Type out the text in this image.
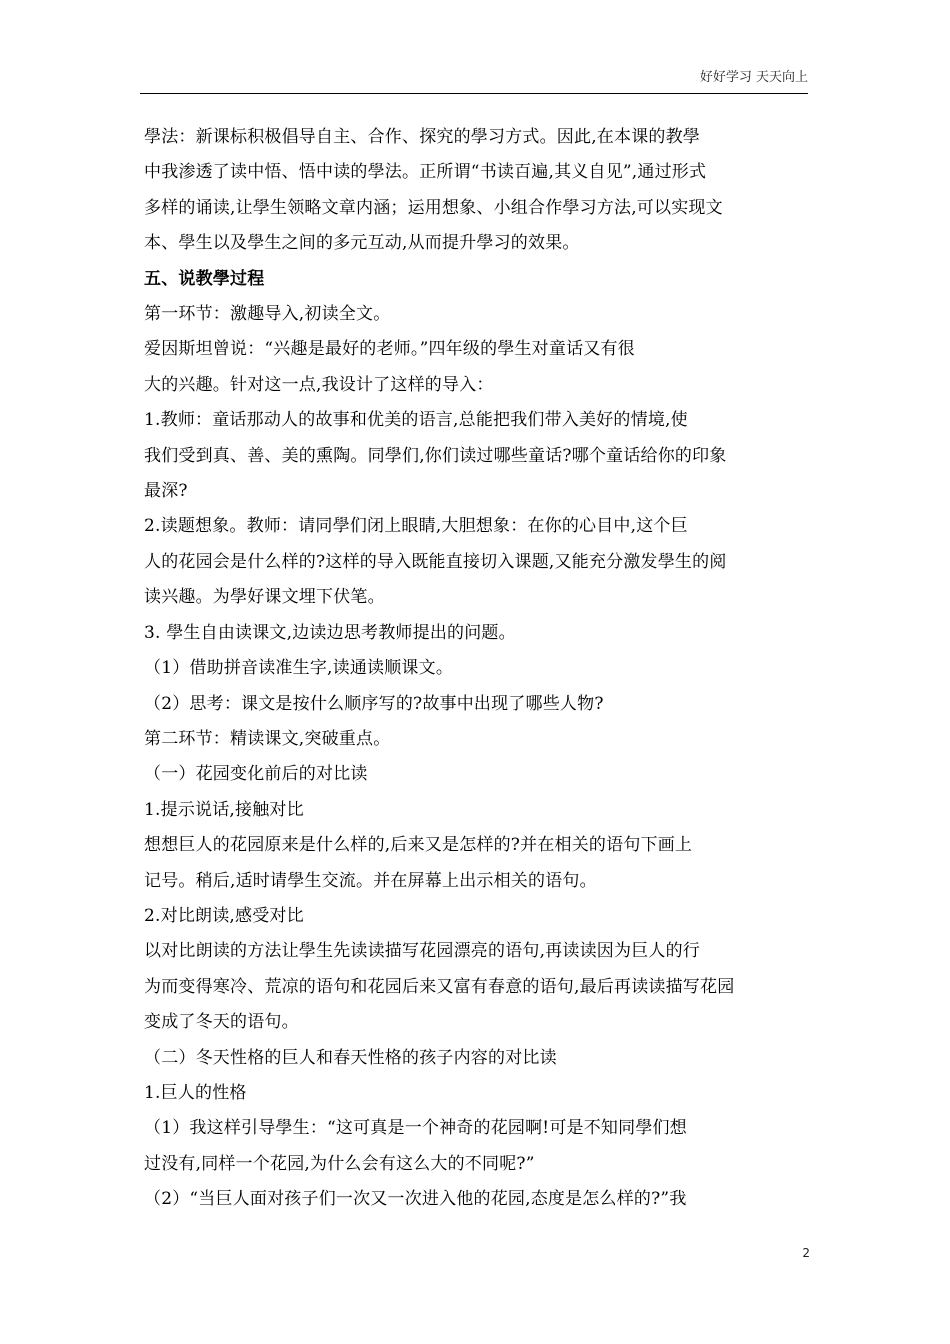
好好学习 天天向上

學法：新课标积极倡导自主、合作、探究的學习方式。因此,在本课的教學

中我渗透了读中悟、悟中读的學法。正所谓“书读百遍,其义自见”,通过形式

多样的诵读,让學生领略文章内涵；运用想象、小组合作學习方法,可以实现文

本、學生以及學生之间的多元互动,从而提升學习的效果。

五、说教學过程

第一环节：激趣导入,初读全文。

爱因斯坦曾说：“兴趣是最好的老师。”四年级的學生对童话又有很

大的兴趣。针对这一点,我设计了这样的导入：

1.教师：童话那动人的故事和优美的语言,总能把我们带入美好的情境,使

我们受到真、善、美的熏陶。同學们,你们读过哪些童话?哪个童话给你的印象

最深?

2.读题想象。教师：请同學们闭上眼睛,大胆想象：在你的心目中,这个巨

人的花园会是什么样的?这样的导入既能直接切入课题,又能充分激发學生的阅

读兴趣。为學好课文埋下伏笔。

3. 學生自由读课文,边读边思考教师提出的问题。

（1）借助拼音读准生字,读通读顺课文。

（2）思考：课文是按什么顺序写的?故事中出现了哪些人物?

第二环节：精读课文,突破重点。

（一）花园变化前后的对比读

1.提示说话,接触对比

想想巨人的花园原来是什么样的,后来又是怎样的?并在相关的语句下画上

记号。稍后,适时请學生交流。并在屏幕上出示相关的语句。

2.对比朗读,感受对比

以对比朗读的方法让學生先读读描写花园漂亮的语句,再读读因为巨人的行

为而变得寒冷、荒凉的语句和花园后来又富有春意的语句,最后再读读描写花园

变成了冬天的语句。

（二）冬天性格的巨人和春天性格的孩子内容的对比读

1.巨人的性格

（1）我这样引导學生：“这可真是一个神奇的花园啊!可是不知同學们想

过没有,同样一个花园,为什么会有这么大的不同呢?”

（2）“当巨人面对孩子们一次又一次进入他的花园,态度是怎么样的?”我

2
